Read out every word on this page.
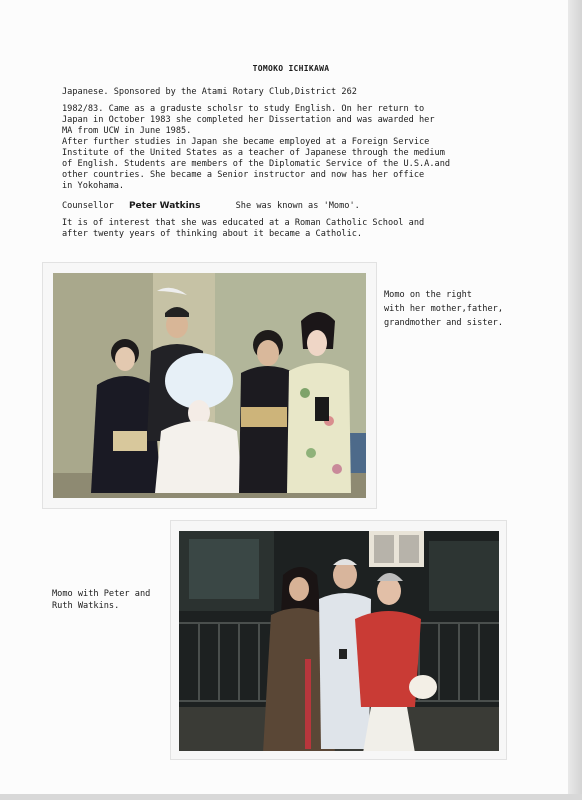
TOMOKO ICHIKAWA
Japanese. Sponsored by the Atami Rotary Club,District 262
1982/83. Came as a graduste scholsr to study English. On her return to
Japan in October 1983 she completed her Dissertation and was awarded her
MA from UCW in June 1985.
After further studies in Japan she became employed at a Foreign Service
Institute of the United States as a teacher of Japanese through the medium
of English. Students are members of the Diplomatic Service of the U.S.A.and
other countries. She became a Senior instructor and now has her office
in Yokohama.
Counsellor Peter Watkins	She was known as 'Momo'.
It is of interest that she was educated at a Roman Catholic School and
after twenty years of thinking about it became a Catholic.
Momo on the right
with her mother,father,
grandmother and sister.
Momo with Peter and
Ruth Watkins.
